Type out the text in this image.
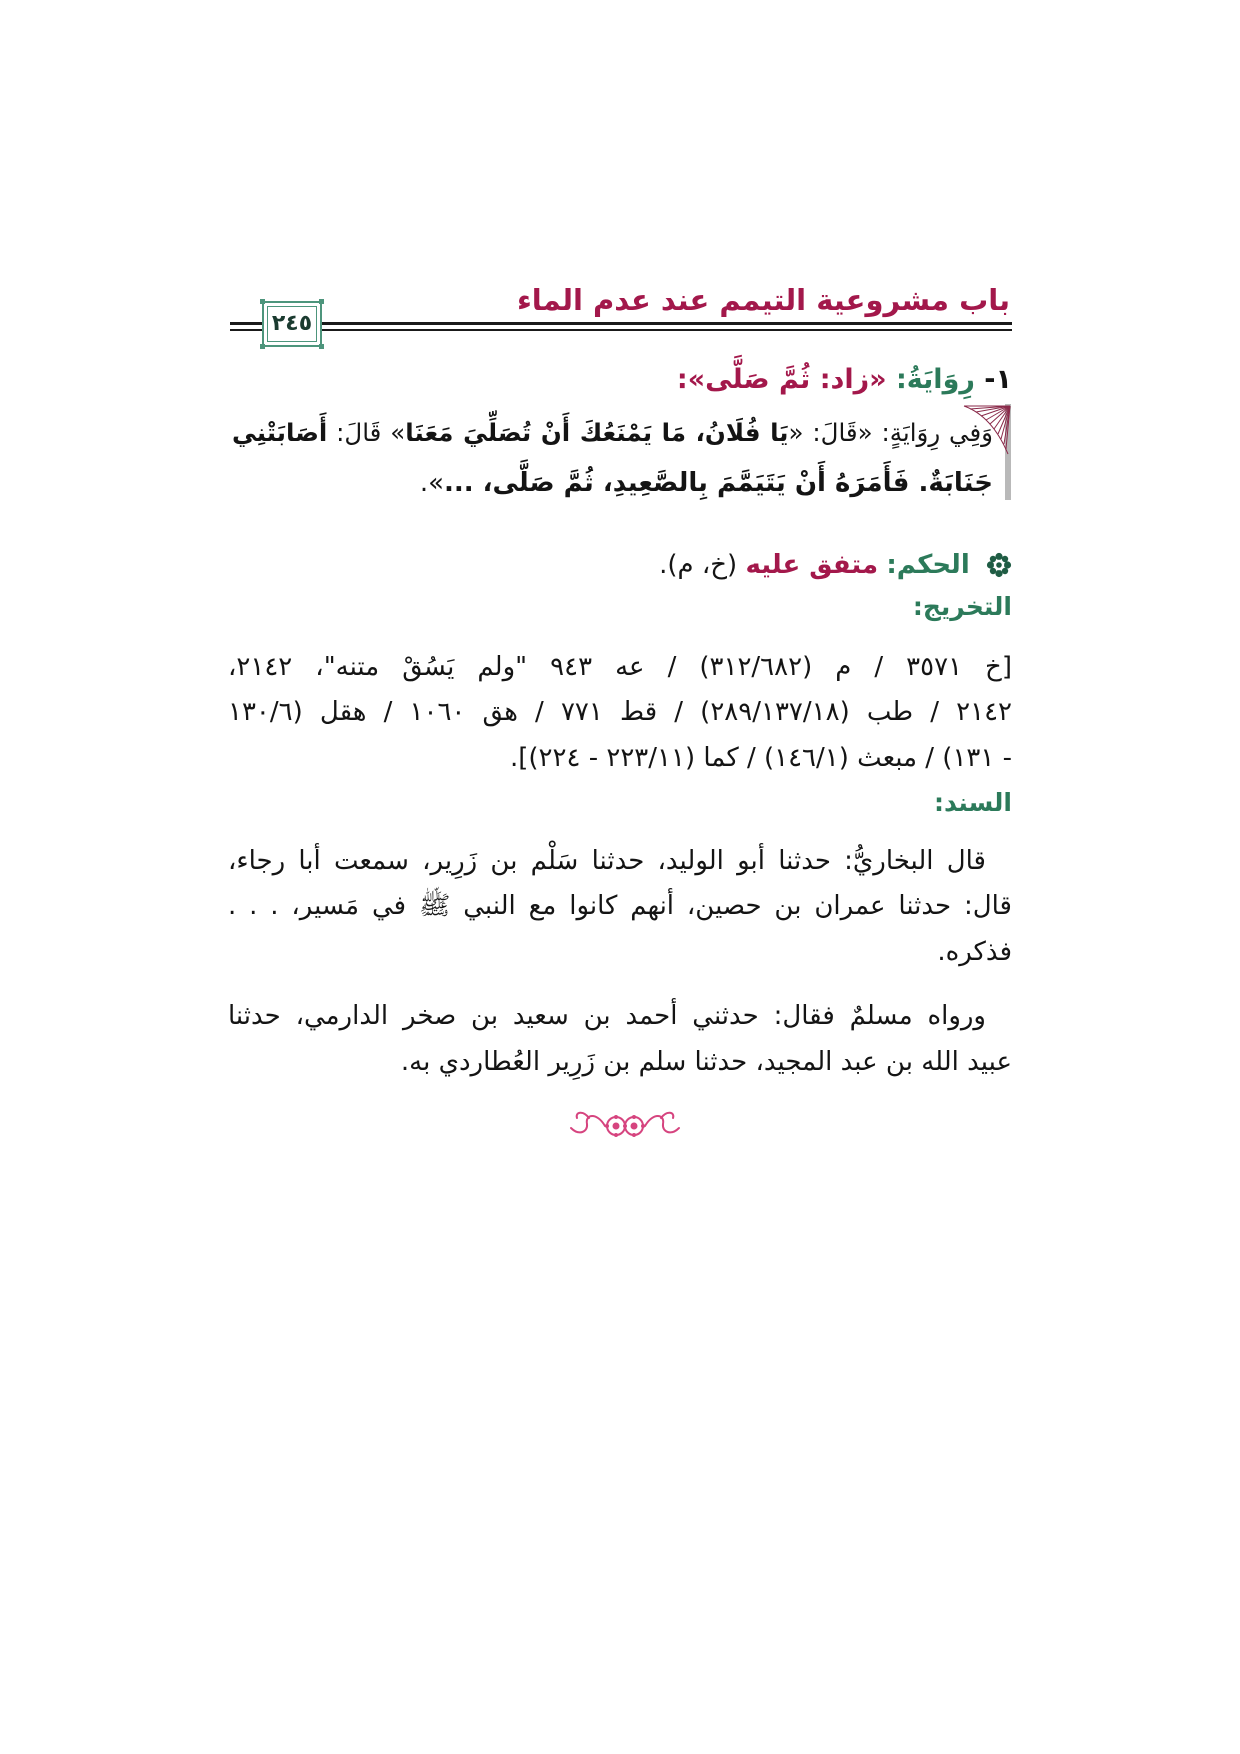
باب مشروعية التيمم عند عدم الماء
٢٤٥
١- رِوَايَةُ: «زاد: ثُمَّ صَلَّى»:
وَفِي رِوَايَةٍ: «قَالَ: «يَا فُلَانُ، مَا يَمْنَعُكَ أَنْ تُصَلِّيَ مَعَنَا» قَالَ: أَصَابَتْنِي
جَنَابَةٌ. فَأَمَرَهُ أَنْ يَتَيَمَّمَ بِالصَّعِيدِ، ثُمَّ صَلَّى، ...».
الحكم: متفق عليه (خ، م).
التخريج:
[خ ٣٥٧١ / م (٣١٢/٦٨٢) / عه ٩٤٣ "ولم يَسُقْ متنه"، ٢١٤٢،
٢١٤٢ / طب (٢٨٩/١٣٧/١٨) / قط ٧٧١ / هق ١٠٦٠ / هقل (١٣٠/٦
- ١٣١) / مبعث (١٤٦/١) / كما (٢٢٣/١١ - ٢٢٤)].
السند:
قال البخاريُّ: حدثنا أبو الوليد، حدثنا سَلْم بن زَرِير، سمعت أبا رجاء،
قال: حدثنا عمران بن حصين، أنهم كانوا مع النبي ﷺ في مَسير، . . .
فذكره.
ورواه مسلمٌ فقال: حدثني أحمد بن سعيد بن صخر الدارمي، حدثنا
عبيد الله بن عبد المجيد، حدثنا سلم بن زَرِير العُطاردي به.
